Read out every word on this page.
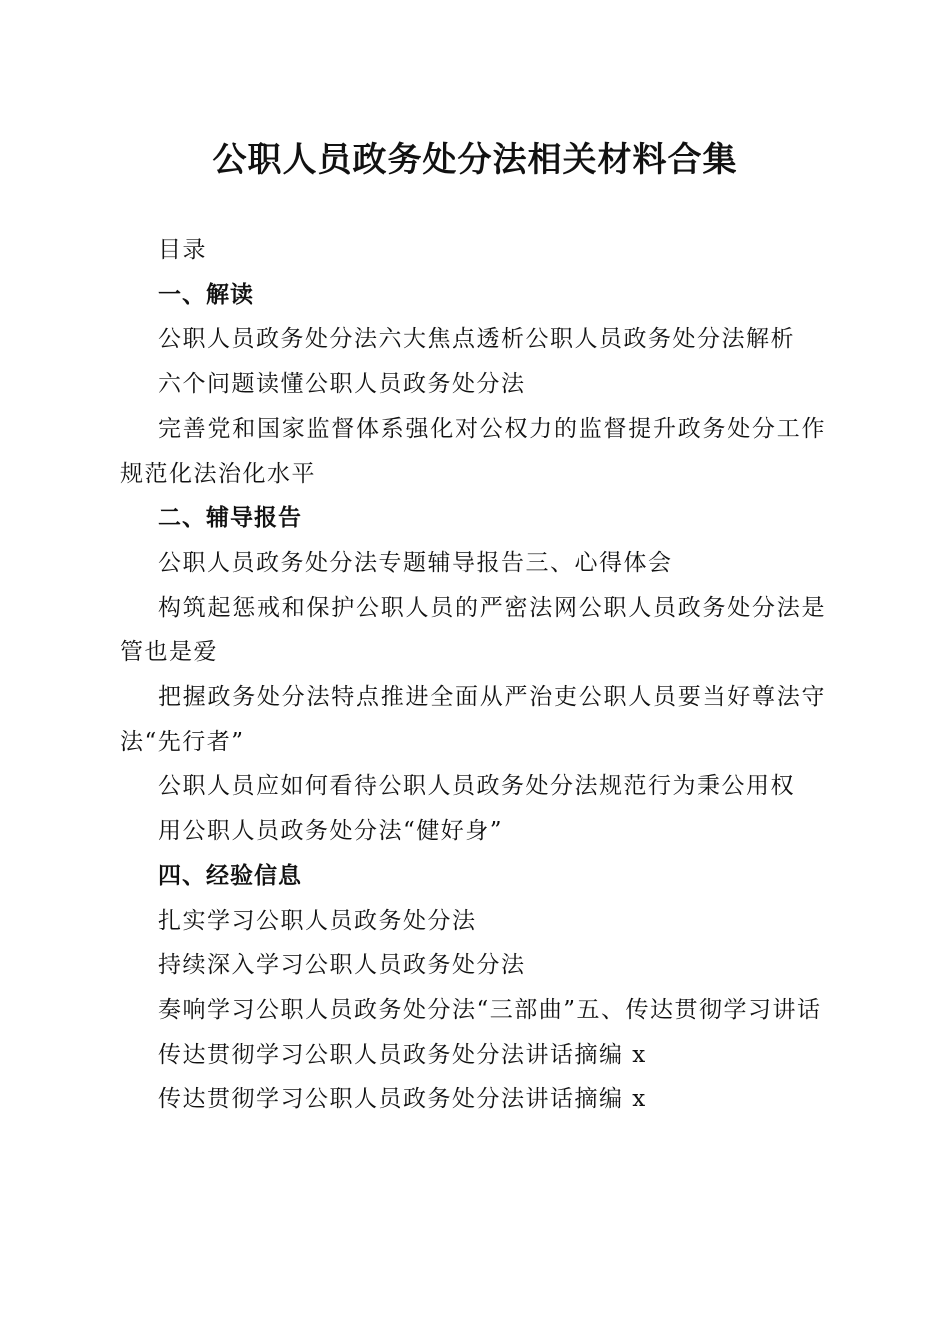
公职人员政务处分法相关材料合集

目录

一、解读

公职人员政务处分法六大焦点透析公职人员政务处分法解析

六个问题读懂公职人员政务处分法

完善党和国家监督体系强化对公权力的监督提升政务处分工作规范化法治化水平

二、辅导报告

公职人员政务处分法专题辅导报告三、心得体会

构筑起惩戒和保护公职人员的严密法网公职人员政务处分法是管也是爱

把握政务处分法特点推进全面从严治吏公职人员要当好尊法守法“先行者”

公职人员应如何看待公职人员政务处分法规范行为秉公用权

用公职人员政务处分法“健好身”

四、经验信息

扎实学习公职人员政务处分法

持续深入学习公职人员政务处分法

奏响学习公职人员政务处分法“三部曲”五、传达贯彻学习讲话

传达贯彻学习公职人员政务处分法讲话摘编 x

传达贯彻学习公职人员政务处分法讲话摘编 x
